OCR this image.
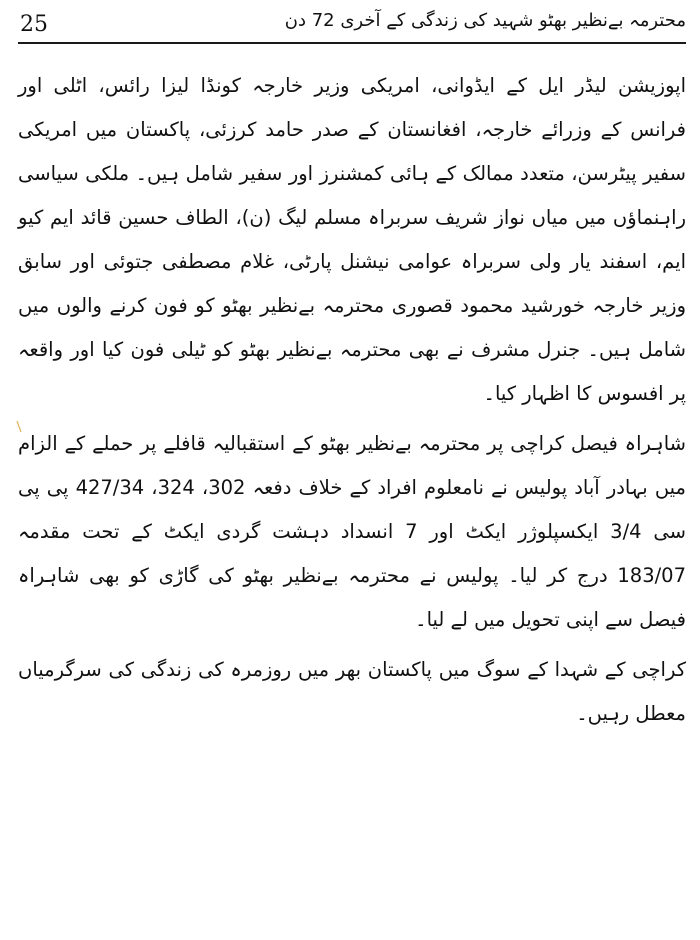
25	محترمہ بےنظیر بھٹو شہید کی زندگی کے آخری 72 دن

اپوزیشن لیڈر ایل کے ایڈوانی، امریکی وزیر خارجہ کونڈا لیزا رائس، اٹلی اور فرانس کے وزرائے خارجہ، افغانستان کے صدر حامد کرزئی، پاکستان میں امریکی سفیر پیٹرسن، متعدد ممالک کے ہائی کمشنرز اور سفیر شامل ہیں۔ ملکی سیاسی راہنماؤں میں میاں نواز شریف سربراہ مسلم لیگ (ن)، الطاف حسین قائد ایم کیو ایم، اسفند یار ولی سربراہ عوامی نیشنل پارٹی، غلام مصطفی جتوئی اور سابق وزیر خارجہ خورشید محمود قصوری محترمہ بےنظیر بھٹو کو فون کرنے والوں میں شامل ہیں۔ جنرل مشرف نے بھی محترمہ بےنظیر بھٹو کو ٹیلی فون کیا اور واقعہ پر افسوس کا اظہار کیا۔

شاہراہ فیصل کراچی پر محترمہ بےنظیر بھٹو کے استقبالیہ قافلے پر حملے کے الزام میں بہادر آباد پولیس نے نامعلوم افراد کے خلاف دفعہ 302، 324، 427/34 پی پی سی 3/4 ایکسپلوژر ایکٹ اور 7 انسداد دہشت گردی ایکٹ کے تحت مقدمہ 183/07 درج کر لیا۔ پولیس نے محترمہ بےنظیر بھٹو کی گاڑی کو بھی شاہراہ فیصل سے اپنی تحویل میں لے لیا۔

کراچی کے شہدا کے سوگ میں پاکستان بھر میں روزمرہ کی زندگی کی سرگرمیاں معطل رہیں۔
